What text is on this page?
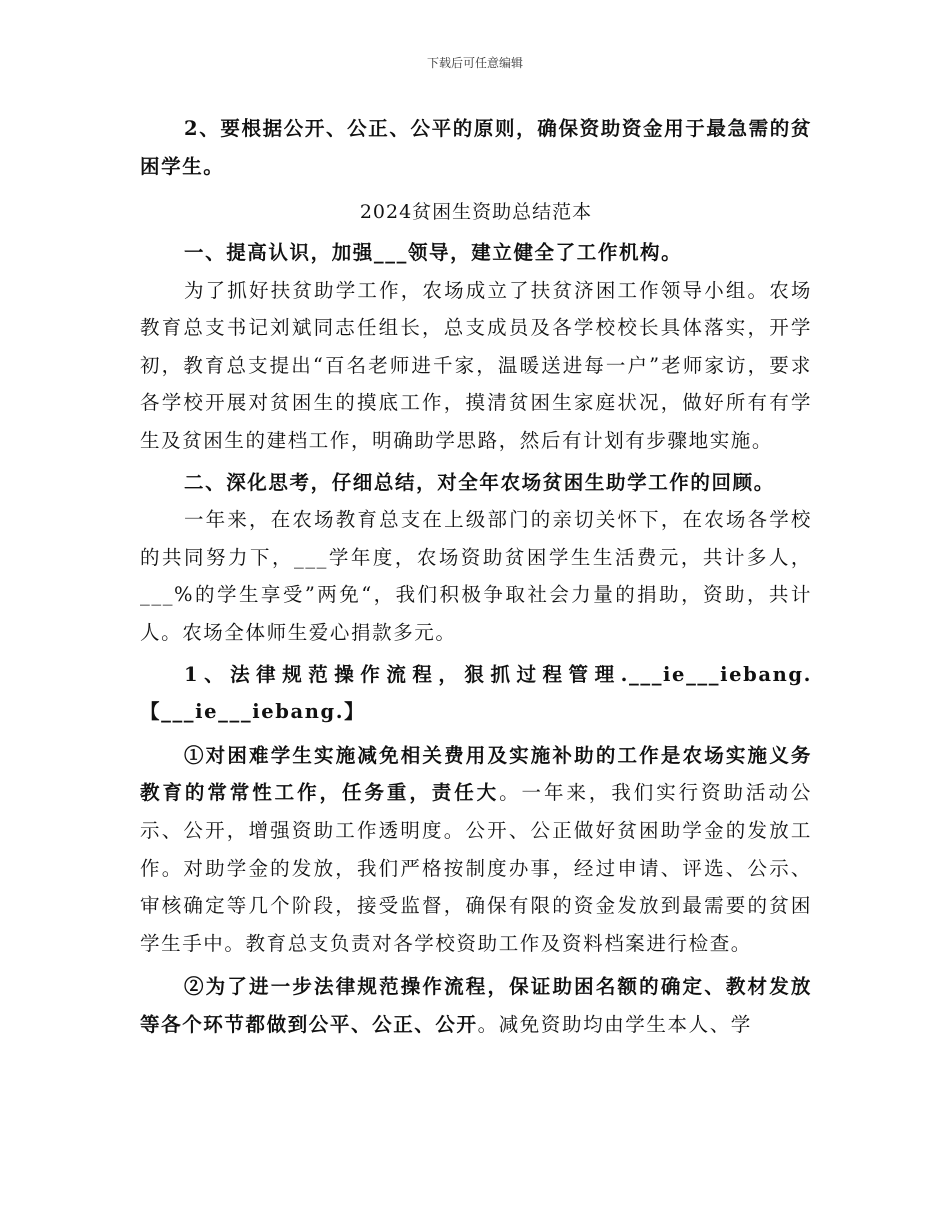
下载后可任意编辑

2、要根据公开、公正、公平的原则，确保资助资金用于最急需的贫困学生。

2024贫困生资助总结范本

一、提高认识，加强___领导，建立健全了工作机构。

为了抓好扶贫助学工作，农场成立了扶贫济困工作领导小组。农场教育总支书记刘斌同志任组长，总支成员及各学校校长具体落实，开学初，教育总支提出“百名老师进千家，温暖送进每一户”老师家访，要求各学校开展对贫困生的摸底工作，摸清贫困生家庭状况，做好所有有学生及贫困生的建档工作，明确助学思路，然后有计划有步骤地实施。

二、深化思考，仔细总结，对全年农场贫困生助学工作的回顾。

一年来，在农场教育总支在上级部门的亲切关怀下，在农场各学校的共同努力下，___学年度，农场资助贫困学生生活费元，共计多人，___%的学生享受”两免“，我们积极争取社会力量的捐助，资助，共计人。农场全体师生爱心捐款多元。

1、法律规范操作流程，狠抓过程管理.___ie___iebang.【___ie___iebang.】

①对困难学生实施减免相关费用及实施补助的工作是农场实施义务教育的常常性工作，任务重，责任大。一年来，我们实行资助活动公示、公开，增强资助工作透明度。公开、公正做好贫困助学金的发放工作。对助学金的发放，我们严格按制度办事，经过申请、评选、公示、审核确定等几个阶段，接受监督，确保有限的资金发放到最需要的贫困学生手中。教育总支负责对各学校资助工作及资料档案进行检查。

②为了进一步法律规范操作流程，保证助困名额的确定、教材发放等各个环节都做到公平、公正、公开。减免资助均由学生本人、学
